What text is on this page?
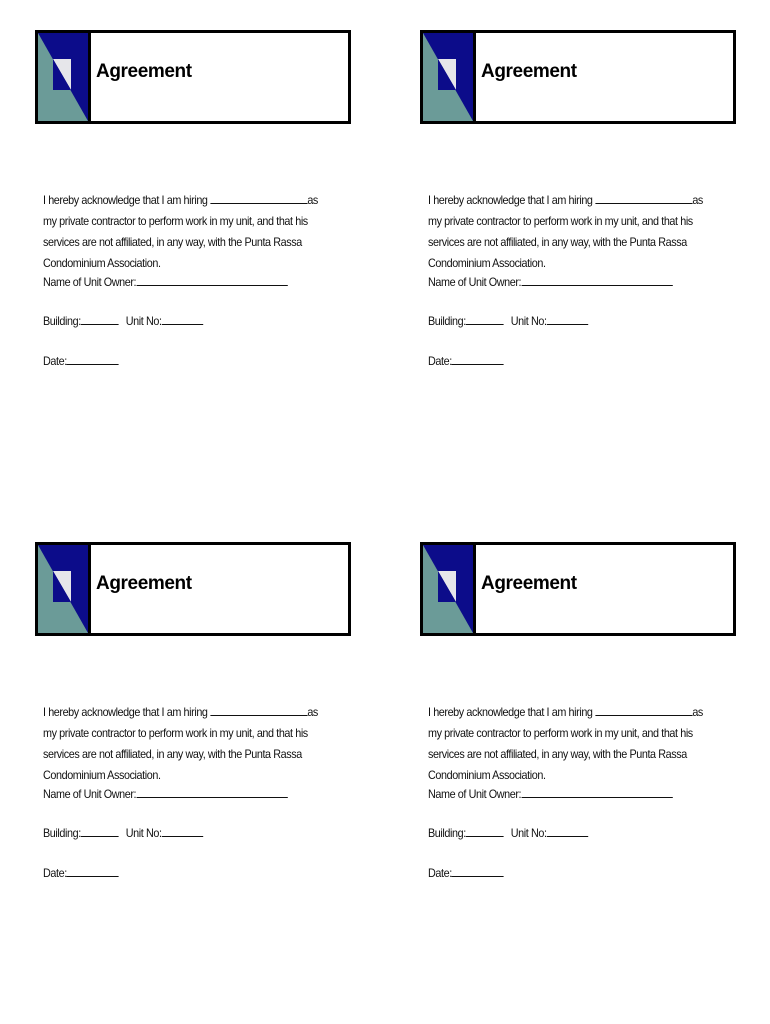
Agreement

I hereby acknowledge that I am hiring	as my private contractor to perform work in my unit, and that his services are not affiliated, in any way, with the Punta Rassa Condominium Association.

Name of Unit Owner:
Building:	Unit No:
Date:
Agreement

I hereby acknowledge that I am hiring	as my private contractor to perform work in my unit, and that his services are not affiliated, in any way, with the Punta Rassa Condominium Association.

Name of Unit Owner:
Building:	Unit No:
Date:
Agreement

I hereby acknowledge that I am hiring	as my private contractor to perform work in my unit, and that his services are not affiliated, in any way, with the Punta Rassa Condominium Association.

Name of Unit Owner:
Building:	Unit No:
Date:
Agreement

I hereby acknowledge that I am hiring	as my private contractor to perform work in my unit, and that his services are not affiliated, in any way, with the Punta Rassa Condominium Association.

Name of Unit Owner:
Building:	Unit No:
Date:
